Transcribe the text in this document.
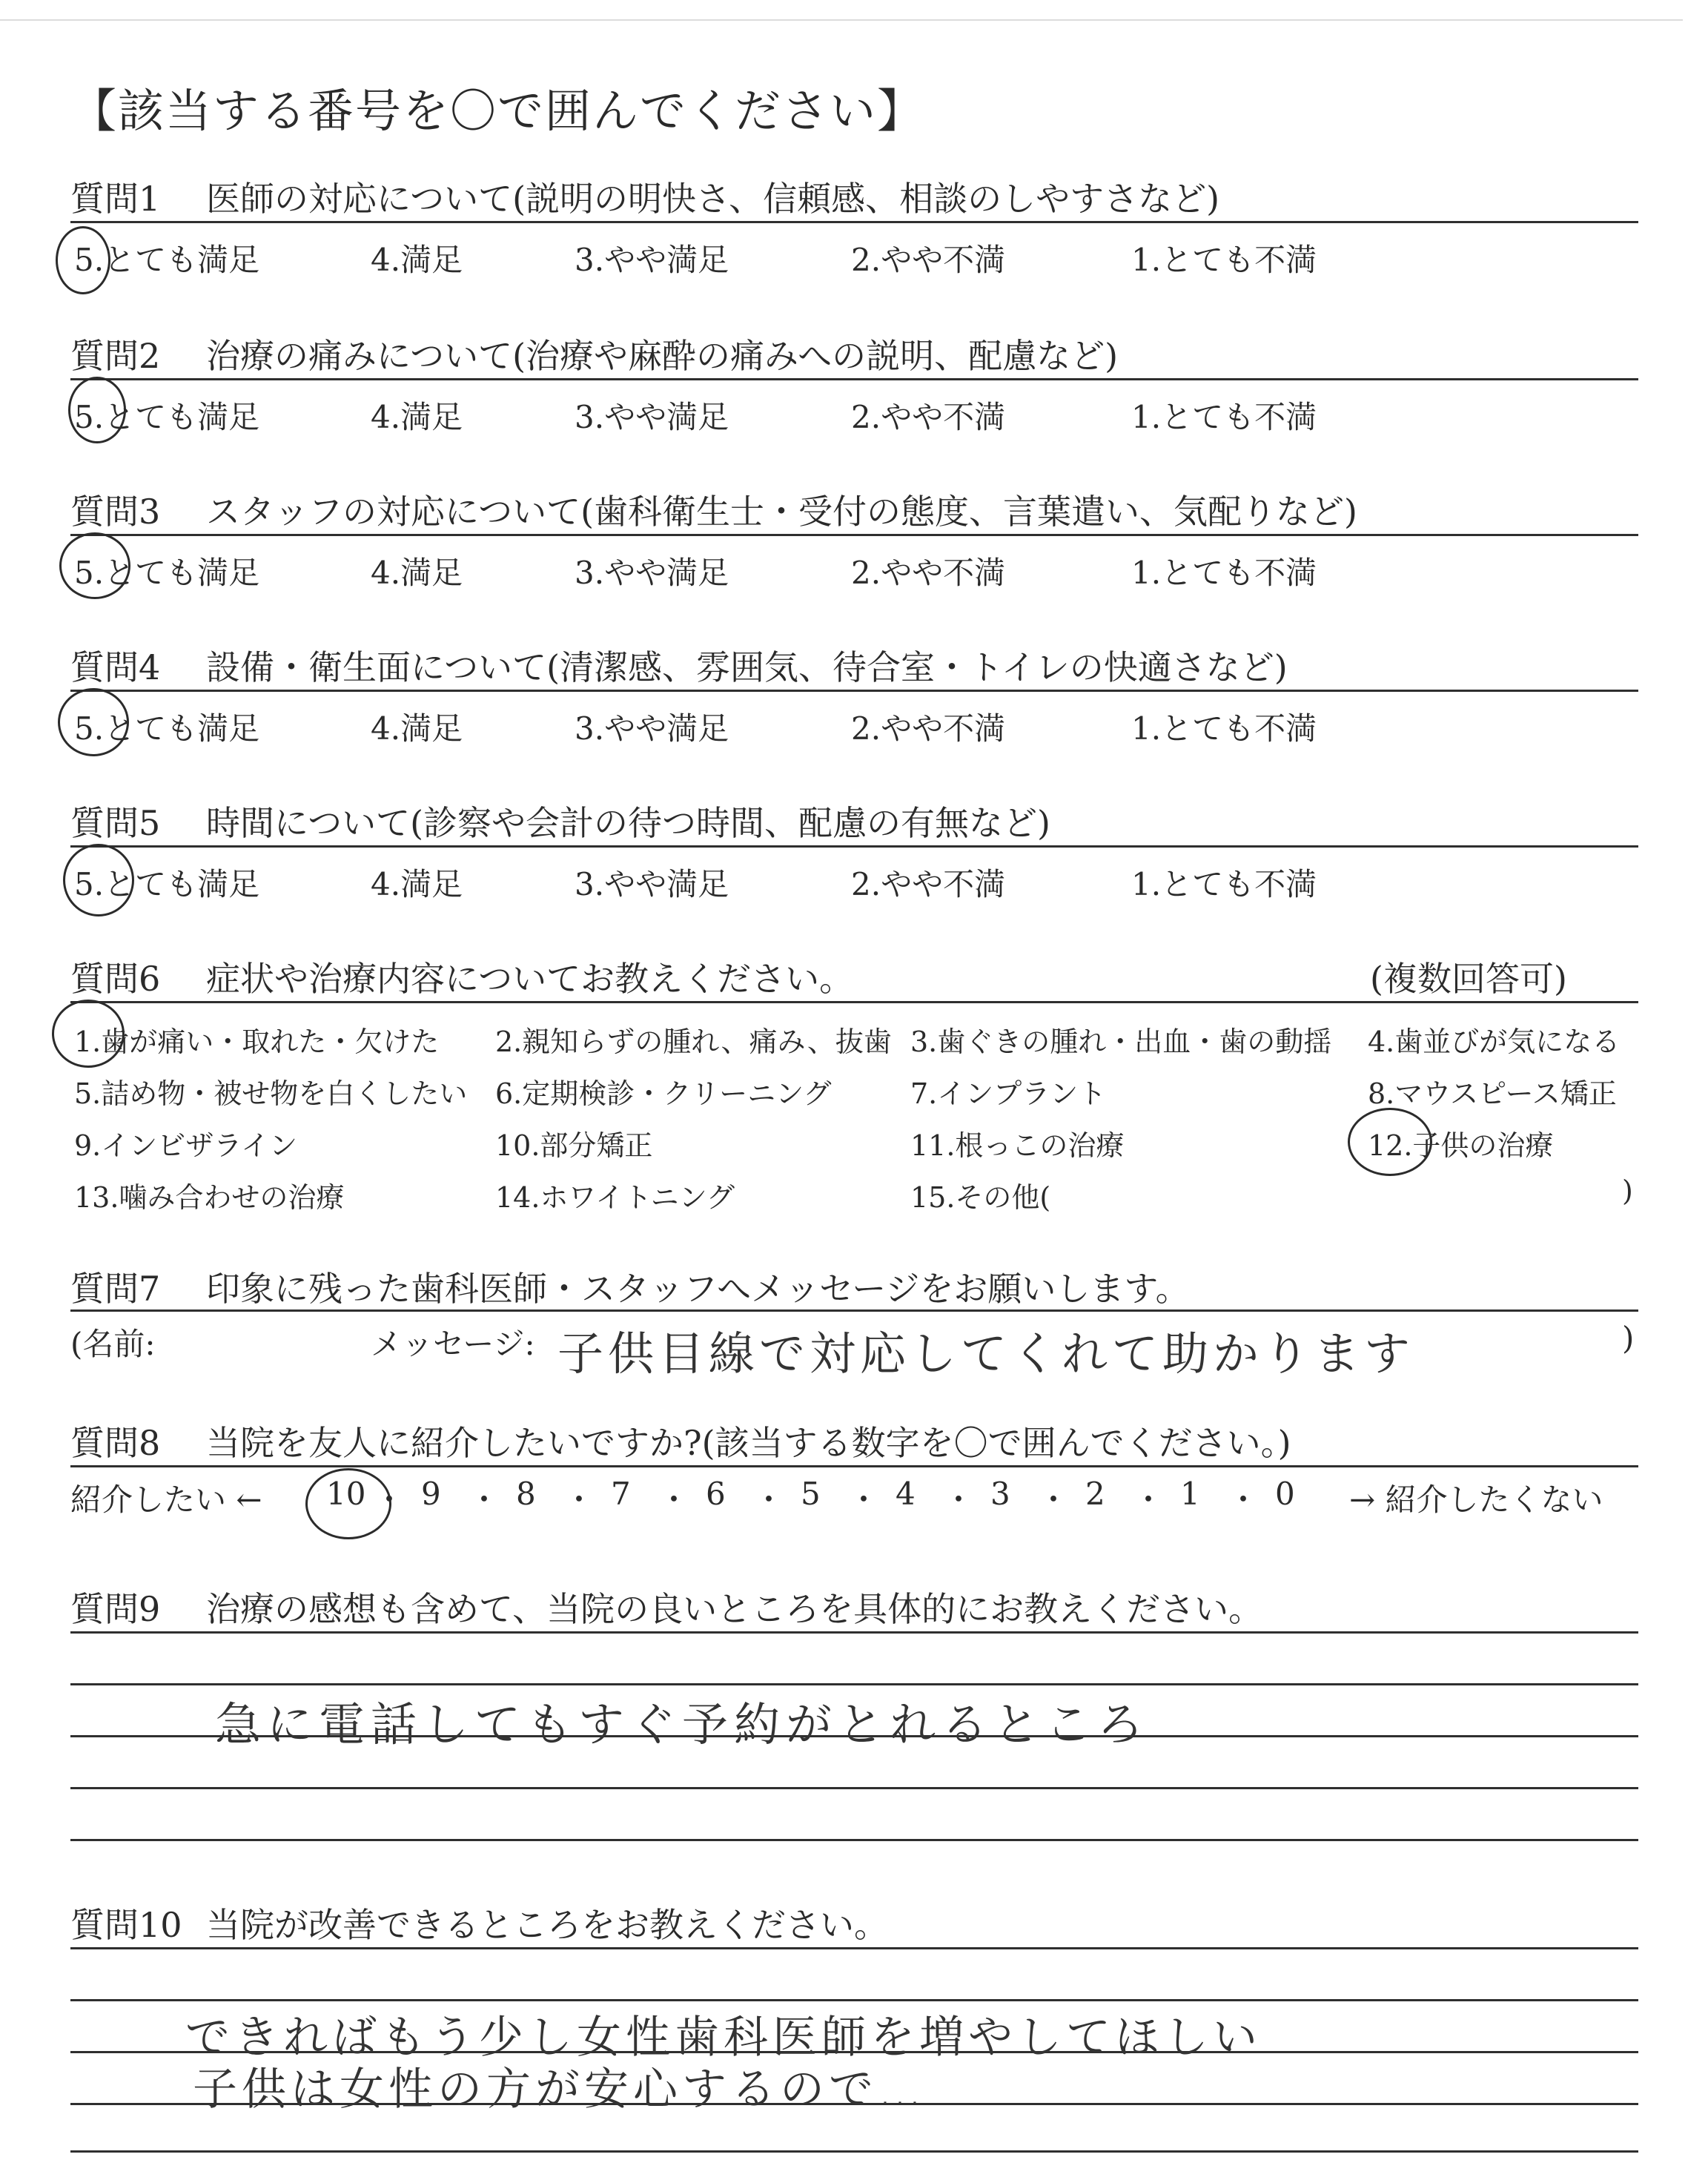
【該当する番号を〇で囲んでください】
質問1 医師の対応について(説明の明快さ、信頼感、相談のしやすさなど)
5.とても満足	4.満足	3.やや満足	2.やや不満	1.とても不満
質問2 治療の痛みについて(治療や麻酔の痛みへの説明、配慮など)
5.とても満足	4.満足	3.やや満足	2.やや不満	1.とても不満
質問3 スタッフの対応について(歯科衛生士・受付の態度、言葉遣い、気配りなど)
5.とても満足	4.満足	3.やや満足	2.やや不満	1.とても不満
質問4 設備・衛生面について(清潔感、雰囲気、待合室・トイレの快適さなど)
5.とても満足	4.満足	3.やや満足	2.やや不満	1.とても不満
質問5 時間について(診察や会計の待つ時間、配慮の有無など)
5.とても満足	4.満足	3.やや満足	2.やや不満	1.とても不満
質問6 症状や治療内容についてお教えください。	(複数回答可)
1.歯が痛い・取れた・欠けた 2.親知らずの腫れ、痛み、抜歯 3.歯ぐきの腫れ・出血・歯の動揺 4.歯並びが気になる
5.詰め物・被せ物を白くしたい 6.定期検診・クリーニング	7.インプラント	8.マウスピース矯正
9.インビザライン	10.部分矯正	11.根っこの治療	12.子供の治療
13.噛み合わせの治療	14.ホワイトニング	15.その他(	)
質問7 印象に残った歯科医師・スタッフへメッセージをお願いします。
(名前:	メッセージ: 子供目線で対応してくれて助かります	)
質問8 当院を友人に紹介したいですか?(該当する数字を〇で囲んでください。)
紹介したい ←	→ 紹介したくない
10 ・ 9 ・ 8 ・ 7 ・ 6 ・ 5 ・ 4 ・ 3 ・ 2 ・ 1 ・ 0
質問9 治療の感想も含めて、当院の良いところを具体的にお教えください。
急に電話してもすぐ予約がとれるところ
質問10 当院が改善できるところをお教えください。
できればもう少し女性歯科医師を増やしてほしい
子供は女性の方が安心するので…
